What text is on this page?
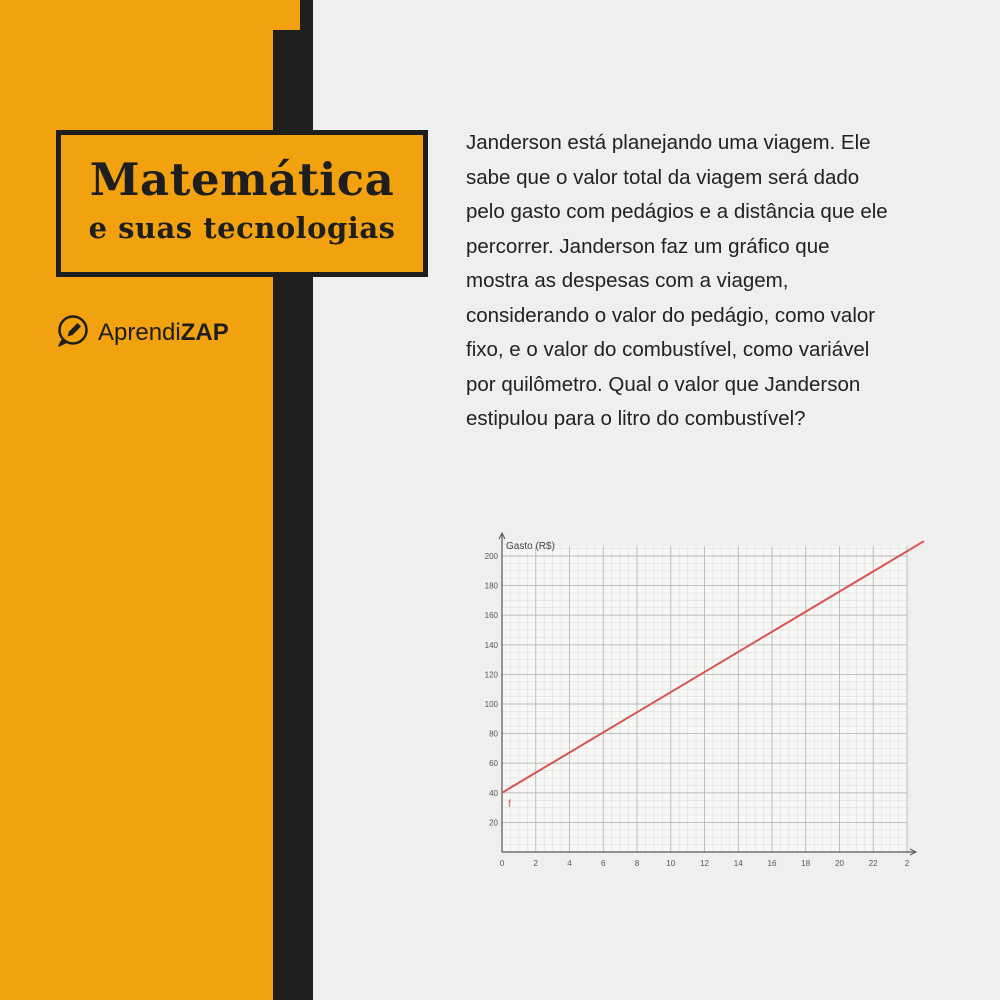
Matemática
e suas tecnologias
AprendiZAP

Janderson está planejando uma viagem. Ele
sabe que o valor total da viagem será dado
pelo gasto com pedágios e a distância que ele
percorrer. Janderson faz um gráfico que
mostra as despesas com a viagem,
considerando o valor do pedágio, como valor
fixo, e o valor do combustível, como variável
por quilômetro. Qual o valor que Janderson
estipulou para o litro do combustível?

0	2	4	6	8	10	12	14	16	18	20	22	2
20
40
60
80
100
120
140
160
180
200
f
Gasto (R$)
